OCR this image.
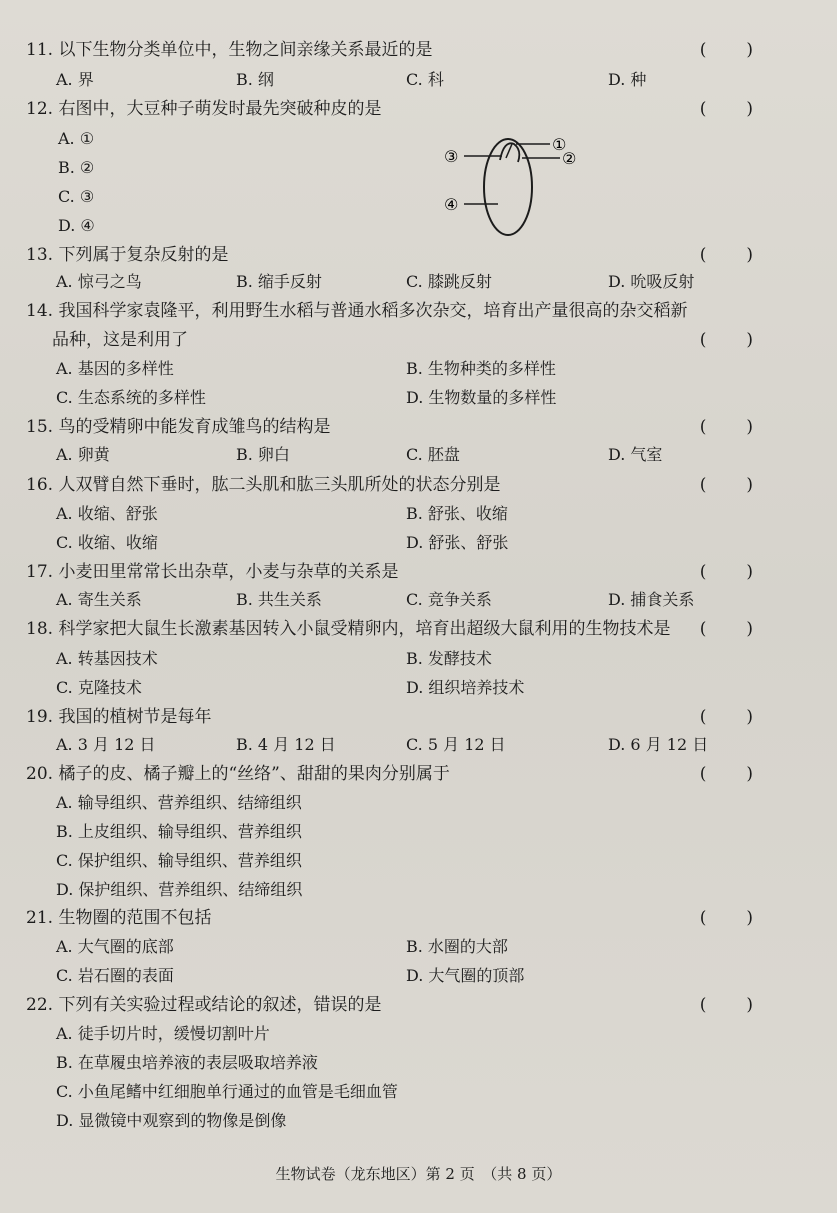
11. 以下生物分类单位中，生物之间亲缘关系最近的是	()
A. 界	B. 纲	C. 科	D. 种
12. 右图中，大豆种子萌发时最先突破种皮的是	()
A. ①
B. ②
C. ③
D. ④
①
②
③
④
13. 下列属于复杂反射的是	()
A. 惊弓之鸟	B. 缩手反射	C. 膝跳反射	D. 吮吸反射
14. 我国科学家袁隆平，利用野生水稻与普通水稻多次杂交，培育出产量很高的杂交稻新
品种，这是利用了	()
A. 基因的多样性	B. 生物种类的多样性
C. 生态系统的多样性	D. 生物数量的多样性
15. 鸟的受精卵中能发育成雏鸟的结构是	()
A. 卵黄	B. 卵白	C. 胚盘	D. 气室
16. 人双臂自然下垂时，肱二头肌和肱三头肌所处的状态分别是	()
A. 收缩、舒张	B. 舒张、收缩
C. 收缩、收缩	D. 舒张、舒张
17. 小麦田里常常长出杂草，小麦与杂草的关系是	()
A. 寄生关系	B. 共生关系	C. 竞争关系	D. 捕食关系
18. 科学家把大鼠生长激素基因转入小鼠受精卵内，培育出超级大鼠利用的生物技术是 ()
A. 转基因技术	B. 发酵技术
C. 克隆技术	D. 组织培养技术
19. 我国的植树节是每年	()
A. 3 月 12 日	B. 4 月 12 日	C. 5 月 12 日	D. 6 月 12 日
20. 橘子的皮、橘子瓣上的“丝络”、甜甜的果肉分别属于	()
A. 输导组织、营养组织、结缔组织
B. 上皮组织、输导组织、营养组织
C. 保护组织、输导组织、营养组织
D. 保护组织、营养组织、结缔组织
21. 生物圈的范围不包括	()
A. 大气圈的底部	B. 水圈的大部
C. 岩石圈的表面	D. 大气圈的顶部
22. 下列有关实验过程或结论的叙述，错误的是	()
A. 徒手切片时，缓慢切割叶片
B. 在草履虫培养液的表层吸取培养液
C. 小鱼尾鳍中红细胞单行通过的血管是毛细血管
D. 显微镜中观察到的物像是倒像
生物试卷（龙东地区）第 2 页　（共 8 页）
